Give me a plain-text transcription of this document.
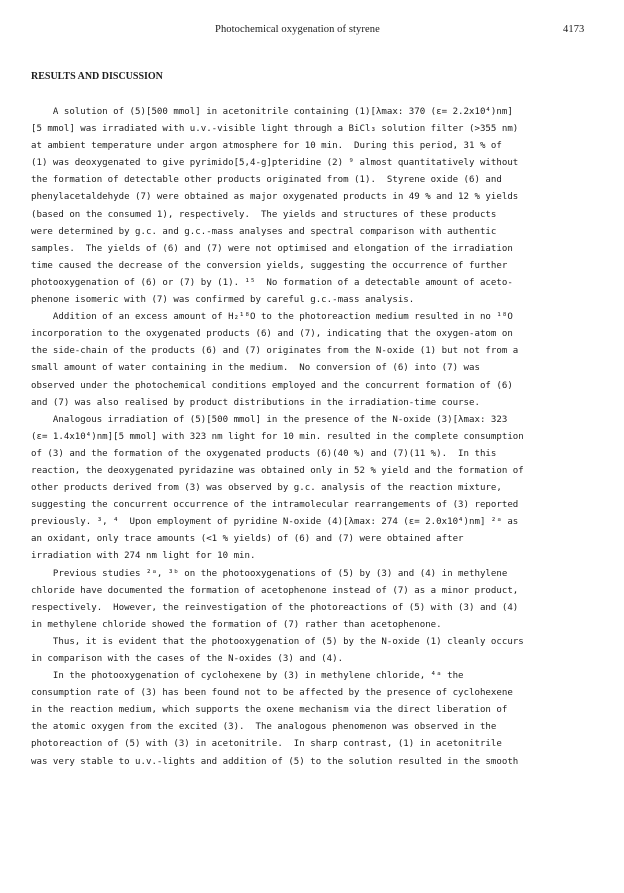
Photochemical oxygenation of styrene	4173
RESULTS AND DISCUSSION
A solution of (5)[500 mmol] in acetonitrile containing (1)[λmax: 370 (ε= 2.2x10⁴)nm]
[5 mmol] was irradiated with u.v.-visible light through a BiCl₃ solution filter (>355 nm)
at ambient temperature under argon atmosphere for 10 min.  During this period, 31 % of
(1) was deoxygenated to give pyrimido[5,4-g]pteridine (2) ⁹ almost quantitatively without
the formation of detectable other products originated from (1).  Styrene oxide (6) and
phenylacetaldehyde (7) were obtained as major oxygenated products in 49 % and 12 % yields
(based on the consumed 1), respectively.  The yields and structures of these products
were determined by g.c. and g.c.-mass analyses and spectral comparison with authentic
samples.  The yields of (6) and (7) were not optimised and elongation of the irradiation
time caused the decrease of the conversion yields, suggesting the occurrence of further
photooxygenation of (6) or (7) by (1). ¹⁵  No formation of a detectable amount of aceto-
phenone isomeric with (7) was confirmed by careful g.c.-mass analysis.
Addition of an excess amount of H₂¹⁸O to the photoreaction medium resulted in no ¹⁸O
incorporation to the oxygenated products (6) and (7), indicating that the oxygen-atom on
the side-chain of the products (6) and (7) originates from the N-oxide (1) but not from a
small amount of water containing in the medium.  No conversion of (6) into (7) was
observed under the photochemical conditions employed and the concurrent formation of (6)
and (7) was also realised by product distributions in the irradiation-time course.
Analogous irradiation of (5)[500 mmol] in the presence of the N-oxide (3)[λmax: 323
(ε= 1.4x10⁴)nm][5 mmol] with 323 nm light for 10 min. resulted in the complete consumption
of (3) and the formation of the oxygenated products (6)(40 %) and (7)(11 %).  In this
reaction, the deoxygenated pyridazine was obtained only in 52 % yield and the formation of
other products derived from (3) was observed by g.c. analysis of the reaction mixture,
suggesting the concurrent occurrence of the intramolecular rearrangements of (3) reported
previously. ³, ⁴  Upon employment of pyridine N-oxide (4)[λmax: 274 (ε= 2.0x10⁴)nm] ²ᵃ as
an oxidant, only trace amounts (<1 % yields) of (6) and (7) were obtained after
irradiation with 274 nm light for 10 min.
Previous studies ²ᵃ, ³ᵇ on the photooxygenations of (5) by (3) and (4) in methylene
chloride have documented the formation of acetophenone instead of (7) as a minor product,
respectively.  However, the reinvestigation of the photoreactions of (5) with (3) and (4)
in methylene chloride showed the formation of (7) rather than acetophenone.
Thus, it is evident that the photooxygenation of (5) by the N-oxide (1) cleanly occurs
in comparison with the cases of the N-oxides (3) and (4).
In the photooxygenation of cyclohexene by (3) in methylene chloride, ⁴ᵃ the
consumption rate of (3) has been found not to be affected by the presence of cyclohexene
in the reaction medium, which supports the oxene mechanism via the direct liberation of
the atomic oxygen from the excited (3).  The analogous phenomenon was observed in the
photoreaction of (5) with (3) in acetonitrile.  In sharp contrast, (1) in acetonitrile
was very stable to u.v.-lights and addition of (5) to the solution resulted in the smooth
